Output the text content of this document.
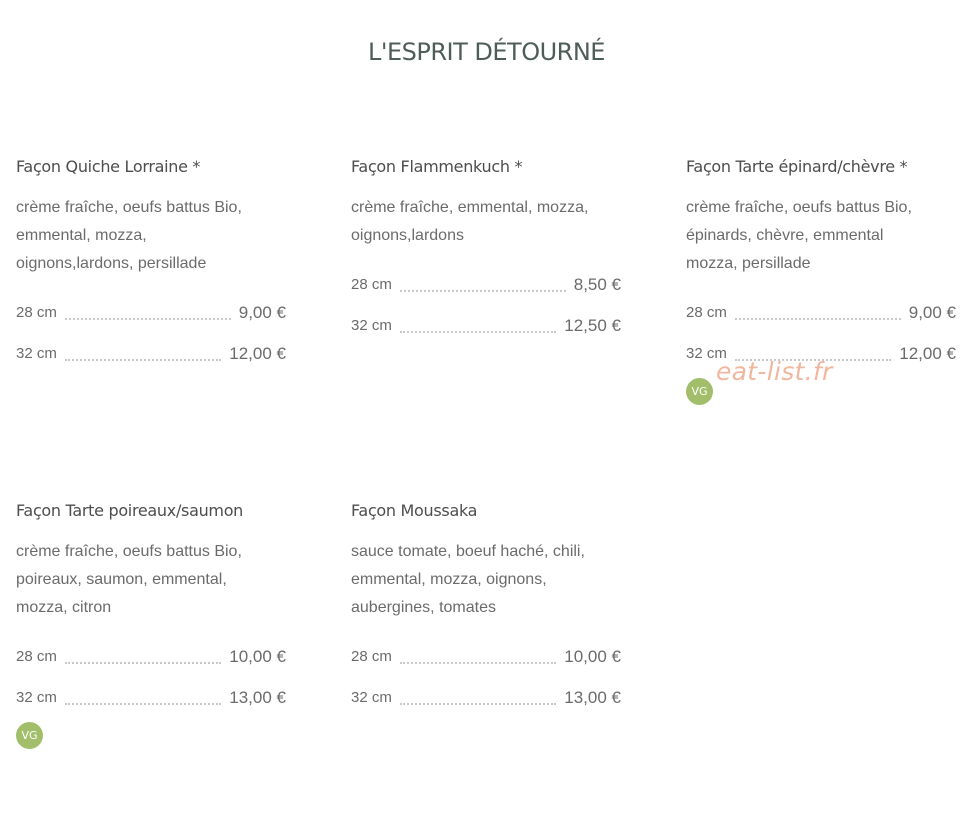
L'ESPRIT DÉTOURNÉ
Façon Quiche Lorraine *
crème fraîche, oeufs battus Bio,
emmental, mozza,
oignons,lardons, persillade
28 cm	9,00 €
32 cm	12,00 €
Façon Flammenkuch *
crème fraîche, emmental, mozza,
oignons,lardons
28 cm	8,50 €
32 cm	12,50 €
Façon Tarte épinard/chèvre *
crème fraîche, oeufs battus Bio,
épinards, chèvre, emmental
mozza, persillade
28 cm	9,00 €
32 cm	12,00 €
VG
Façon Tarte poireaux/saumon
crème fraîche, oeufs battus Bio,
poireaux, saumon, emmental,
mozza, citron
28 cm	10,00 €
32 cm	13,00 €
VG
Façon Moussaka
sauce tomate, boeuf haché, chili,
emmental, mozza, oignons,
aubergines, tomates
28 cm	10,00 €
32 cm	13,00 €
eat-list.fr
